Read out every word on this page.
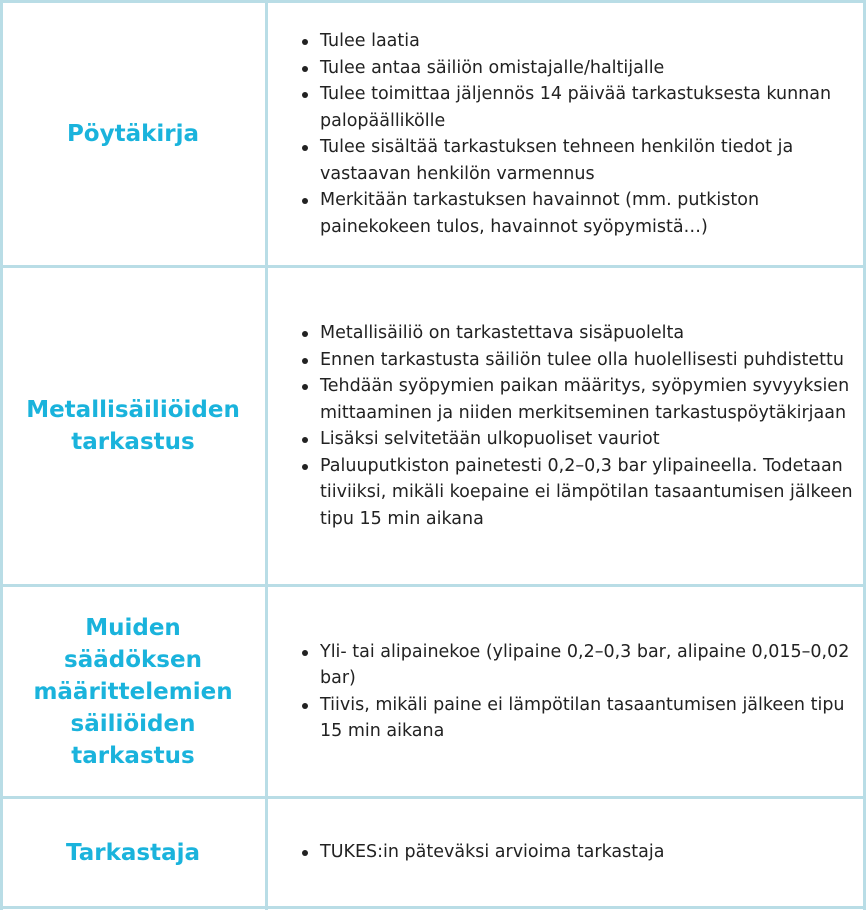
Pöytäkirja
Tulee laatia
Tulee antaa säiliön omistajalle/haltijalle
Tulee toimittaa jäljennös 14 päivää tarkastuksesta kunnan palopäällikölle
Tulee sisältää tarkastuksen tehneen henkilön tiedot ja vastaavan henkilön varmennus
Merkitään tarkastuksen havainnot (mm. putkiston painekokeen tulos, havainnot syöpymistä…)
Metallisäiliöiden tarkastus
Metallisäiliö on tarkastettava sisäpuolelta
Ennen tarkastusta säiliön tulee olla huolellisesti puhdistettu
Tehdään syöpymien paikan määritys, syöpymien syvyyksien mittaaminen ja niiden merkitseminen tarkastuspöytäkirjaan
Lisäksi selvitetään ulkopuoliset vauriot
Paluuputkiston painetesti 0,2–0,3 bar ylipaineella. Todetaan tiiviiksi, mikäli koepaine ei lämpötilan tasaantumisen jälkeen tipu 15 min aikana
Muiden säädöksen määrittelemien säiliöiden tarkastus
Yli- tai alipainekoe (ylipaine 0,2–0,3 bar, alipaine 0,015–0,02 bar)
Tiivis, mikäli paine ei lämpötilan tasaantumisen jälkeen tipu 15 min aikana
Tarkastaja	TUKES:in päteväksi arvioima tarkastaja
